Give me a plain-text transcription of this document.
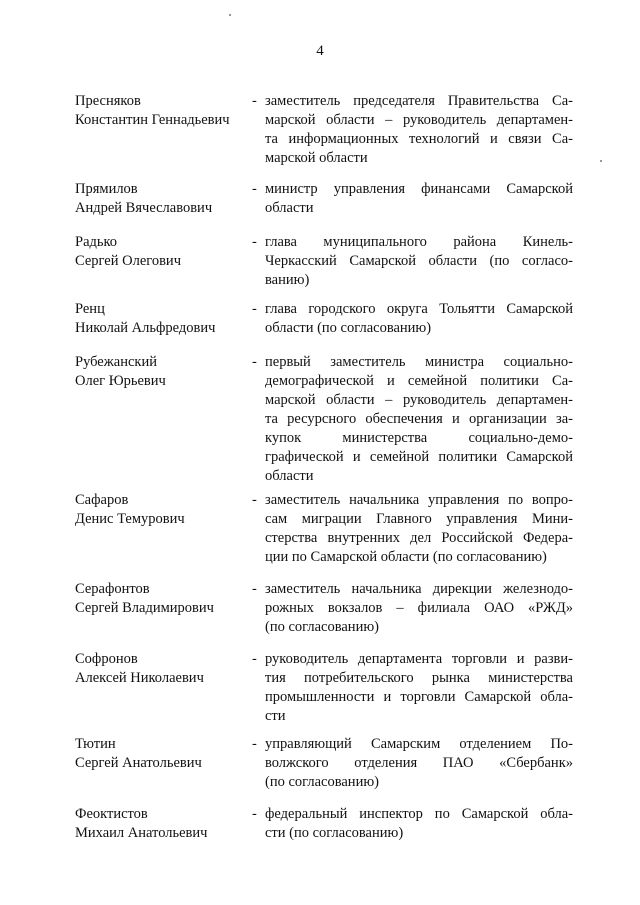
4
Пресняков
Константин Геннадьевич
- заместитель председателя Правительства Са-
марской области – руководитель департамен-
та информационных технологий и связи Са-
марской области
Прямилов
Андрей Вячеславович
- министр управления финансами Самарской
области
Радько
Сергей Олегович
- глава муниципального района Кинель-
Черкасский Самарской области (по согласо-
ванию)
Ренц
Николай Альфредович
- глава городского округа Тольятти Самарской
области (по согласованию)
Рубежанский
Олег Юрьевич
- первый заместитель министра социально-
демографической и семейной политики Са-
марской области – руководитель департамен-
та ресурсного обеспечения и организации за-
купок министерства социально-демо-
графической и семейной политики Самарской
области
Сафаров
Денис Темурович
- заместитель начальника управления по вопро-
сам миграции Главного управления Мини-
стерства внутренних дел Российской Федера-
ции по Самарской области (по согласованию)
Серафонтов
Сергей Владимирович
- заместитель начальника дирекции железнодо-
рожных вокзалов – филиала ОАО «РЖД»
(по согласованию)
Софронов
Алексей Николаевич
- руководитель департамента торговли и разви-
тия потребительского рынка министерства
промышленности и торговли Самарской обла-
сти
Тютин
Сергей Анатольевич
- управляющий Самарским отделением По-
волжского отделения ПАО «Сбербанк»
(по согласованию)
Феоктистов
Михаил Анатольевич
- федеральный инспектор по Самарской обла-
сти (по согласованию)
